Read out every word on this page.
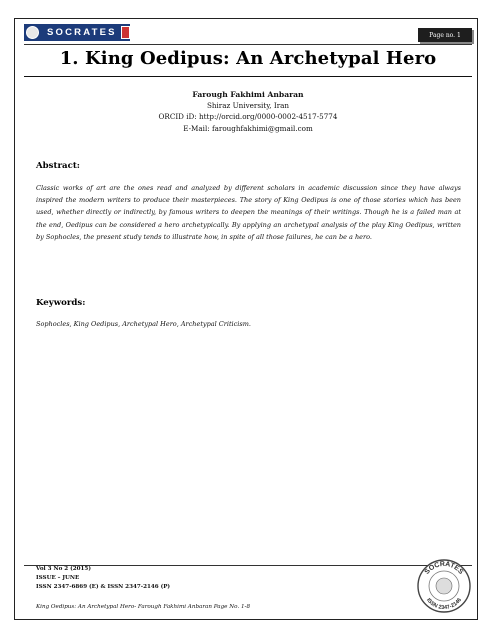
SOCRATES	Page no. 1
1. King Oedipus: An Archetypal Hero
Farough Fakhimi Anbaran
Shiraz University, Iran
ORCID iD: http://orcid.org/0000-0002-4517-5774
E-Mail: faroughfakhimi@gmail.com
Abstract:
Classic works of art are the ones read and analyzed by different scholars in academic discussion since they have always inspired the modern writers to produce their masterpieces. The story of King Oedipus is one of those stories which has been used, whether directly or indirectly, by famous writers to deepen the meanings of their writings. Though he is a failed man at the end, Oedipus can be considered a hero archetypically. By applying an archetypal analysis of the play King Oedipus, written by Sophocles, the present study tends to illustrate how, in spite of all those failures, he can be a hero.
Keywords:
Sophocles, King Oedipus, Archetypal Hero, Archetypal Criticism.
Vol 3 No 2 (2015)
ISSUE – JUNE
ISSN 2347-6869 (E) & ISSN 2347-2146 (P)
King Oedipus: An Archetypal Hero- Farough Fakhimi Anbaran Page No. 1-8
SOCRATES
ISSN 2347-2146
